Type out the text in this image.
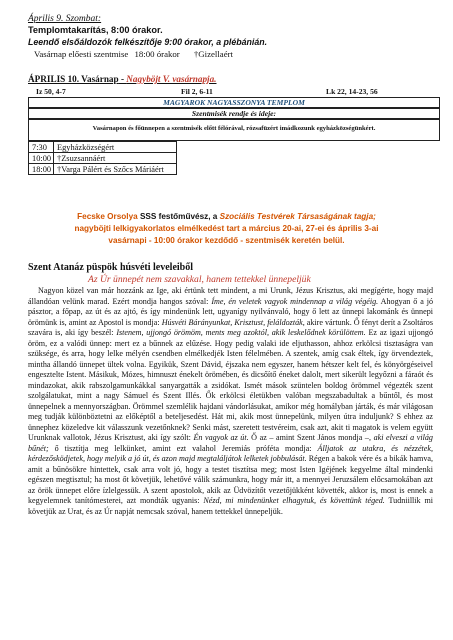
Április 9. Szombat:
Templomtakarítás, 8:00 órakor.
Leendő elsőáldozók felkészítője 9:00 órakor, a plébánián.
Vasárnap előesti szentmise 18:00 órakor †Gizellaért
ÁPRILIS 10. Vasárnap - Nagyböjt V. vasárnapja.
Iz 50, 4-7	Fil 2, 6-11	Lk 22, 14-23, 56
MAGYAROK NAGYASSZONYA TEMPLOM
Szentmisék rendje és ideje:
Vasárnapon és főünnepen a szentmisék előtt félórával, rózsafüzért imádkozunk egyházközségünkért.
7:30	Egyházközségért
10:00 †Zsuzsannáért
18:00 †Varga Pálért és Szőcs Máriáért
Fecske Orsolya SSS festőművész, a Szociális Testvérek Társaságának tagja;
nagyböjti lelkigyakorlatos elmélkedést tart a március 20-ai, 27-ei és április 3-ai
vasárnapi - 10:00 órakor kezdődő - szentmisék keretén belül.
Szent Atanáz püspök húsvéti leveleiből
Az Úr ünnepét nem szavakkal, hanem tettekkel ünnepeljük

Nagyon közel van már hozzánk az Ige, aki értünk tett mindent, a mi Urunk, Jézus Krisztus, aki megígérte, hogy majd állandóan velünk marad. Ezért mondja hangos szóval: Íme, én veletek vagyok mindennap a világ végéig. Ahogyan ő a jó pásztor, a főpap, az út és az ajtó, és így mindenünk lett, ugyanígy nyilvánvaló, hogy ő lett az ünnepi lakománk és ünnepi örömünk is, amint az Apostol is mondja: Húsvéti Bárányunkat, Krisztust, feláldozták, akire vártunk. Ő fényt derít a Zsoltáros szavára is, aki így beszél: Istenem, ujjongó örömöm, ments meg azoktól, akik leskelődnek körülöttem. Ez az igazi ujjongó öröm, ez a valódi ünnep: mert ez a bűnnek az elűzése. Hogy pedig valaki ide eljuthasson, ahhoz erkölcsi tisztaságra van szüksége, és arra, hogy lelke mélyén csendben elmélkedjék Isten félelmében. A szentek, amíg csak éltek, így örvendeztek, mintha állandó ünnepet ültek volna. Egyikük, Szent Dávid, éjszaka nem egyszer, hanem hétszer kelt fel, és könyörgéseivel engesztelte Istent. Másikuk, Mózes, himnuszt énekelt örömében, és dicsőítő éneket dalolt, mert sikerült legyőzni a fáraót és mindazokat, akik rabszolgamunkákkal sanyargatták a zsidókat. Ismét mások szüntelen boldog örömmel végezték szent szolgálatukat, mint a nagy Sámuel és Szent Illés. Ők erkölcsi életükben valóban megszabadultak a bűntől, és most ünnepelnek a mennyországban. Örömmel szemlélik hajdani vándorlásukat, amikor még homályban járták, és már világosan meg tudják különböztetni az előképtől a beteljesedést. Hát mi, akik most ünnepelünk, milyen útra induljunk? S ehhez az ünnephez közeledve kit válasszunk vezetőnknek? Senki mást, szeretett testvéreim, csak azt, akit ti magatok is velem együtt Urunknak vallotok, Jézus Krisztust, aki így szólt: Én vagyok az út. Ő az – amint Szent János mondja –, aki elveszi a világ bűnét; ő tisztítja meg lelkünket, amint ezt valahol Jeremiás próféta mondja: Álljatok az utakra, és nézzétek, kérdezősködjetek, hogy melyik a jó út, és azon majd megtaláljátok lelketek jobbulását. Régen a bakok vére és a bikák hamva, amit a bűnösökre hintettek, csak arra volt jó, hogy a testet tisztítsa meg; most Isten Igéjének kegyelme által mindenki egészen megtisztul; ha most őt követjük, lehetővé válik számunkra, hogy már itt, a mennyei Jeruzsálem előcsarnokában azt az örök ünnepet előre ízlelgessük. A szent apostolok, akik az Üdvözítőt vezetőjükként követték, akkor is, most is ennek a kegyelemnek tanítómesterei, azt mondták ugyanis: Nézd, mi mindenünket elhagytuk, és követtünk téged. Tudniillik mi követjük az Urat, és az Úr napját nemcsak szóval, hanem tettekkel ünnepeljük.
